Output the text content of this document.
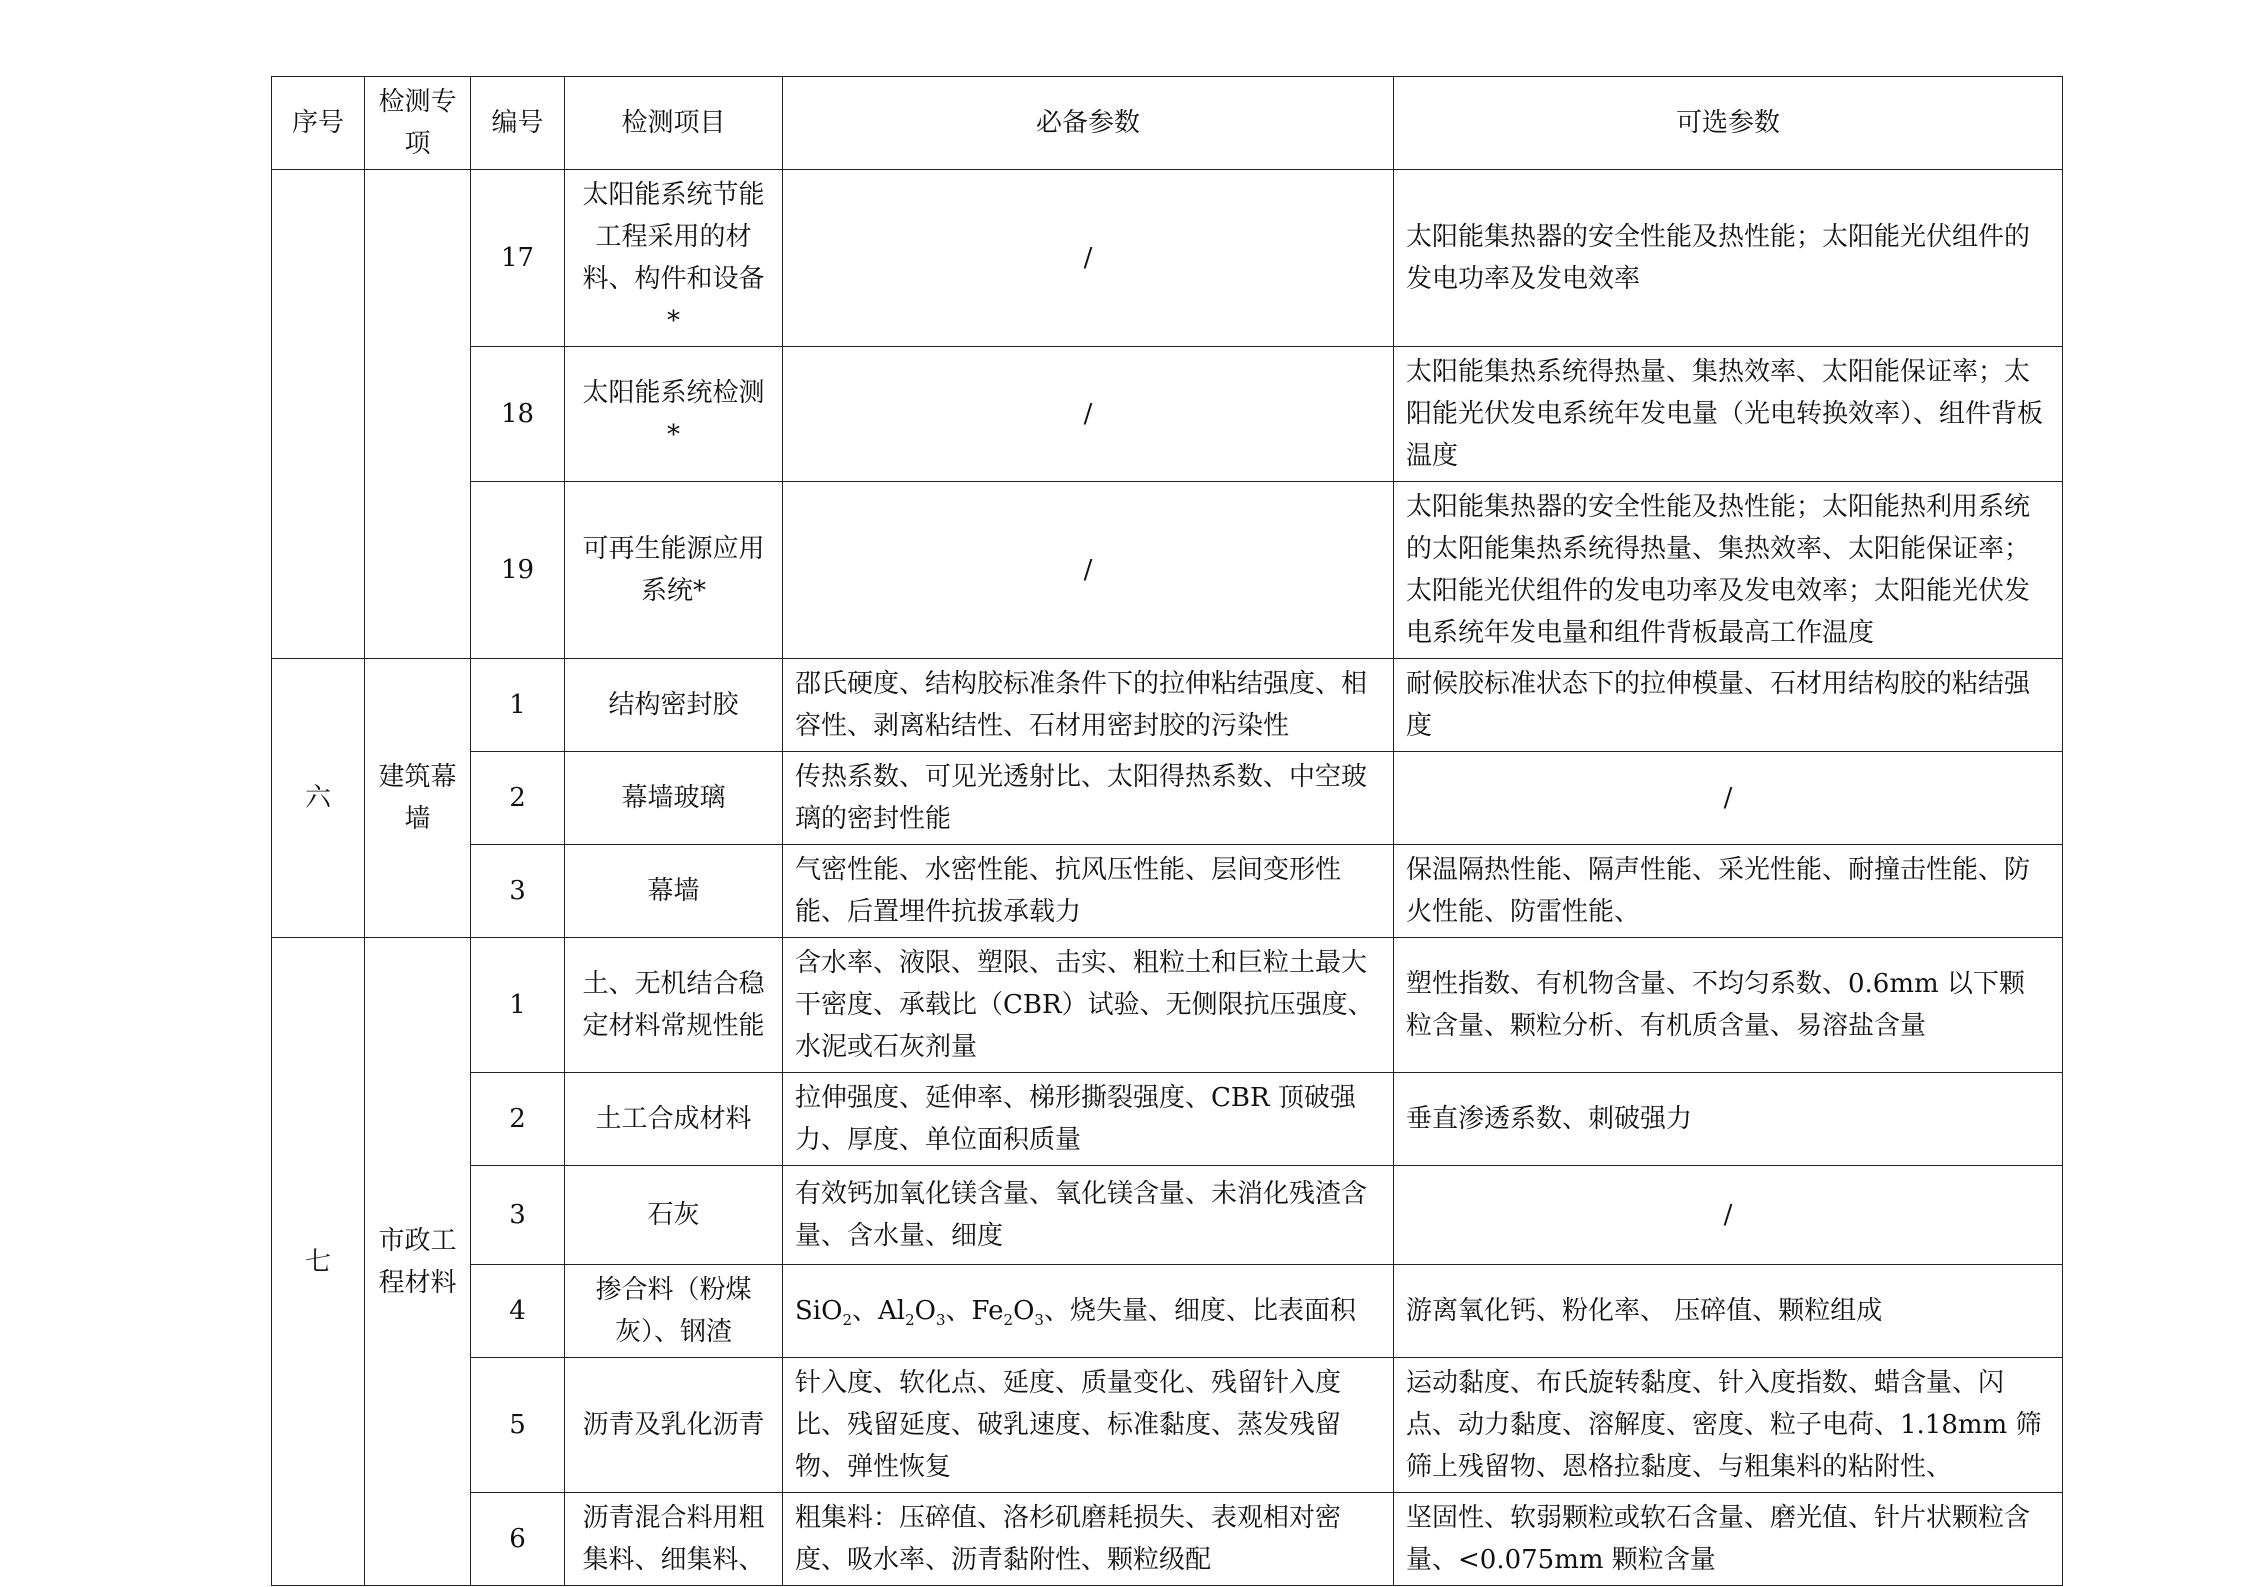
序号	检测专项	编号	检测项目	必备参数	可选参数
		17	太阳能系统节能工程采用的材料、构件和设备*	/	太阳能集热器的安全性能及热性能；太阳能光伏组件的发电功率及发电效率
		18	太阳能系统检测*	/	太阳能集热系统得热量、集热效率、太阳能保证率；太阳能光伏发电系统年发电量（光电转换效率）、组件背板温度
		19	可再生能源应用系统*	/	太阳能集热器的安全性能及热性能；太阳能热利用系统的太阳能集热系统得热量、集热效率、太阳能保证率；太阳能光伏组件的发电功率及发电效率；太阳能光伏发电系统年发电量和组件背板最高工作温度
六	建筑幕墙	1	结构密封胶	邵氏硬度、结构胶标准条件下的拉伸粘结强度、相容性、剥离粘结性、石材用密封胶的污染性	耐候胶标准状态下的拉伸模量、石材用结构胶的粘结强度
		2	幕墙玻璃	传热系数、可见光透射比、太阳得热系数、中空玻璃的密封性能	/
		3	幕墙	气密性能、水密性能、抗风压性能、层间变形性能、后置埋件抗拔承载力	保温隔热性能、隔声性能、采光性能、耐撞击性能、防火性能、防雷性能、
七	市政工程材料	1	土、无机结合稳定材料常规性能	含水率、液限、塑限、击实、粗粒土和巨粒土最大干密度、承载比（CBR）试验、无侧限抗压强度、水泥或石灰剂量	塑性指数、有机物含量、不均匀系数、0.6mm 以下颗粒含量、颗粒分析、有机质含量、易溶盐含量
		2	土工合成材料	拉伸强度、延伸率、梯形撕裂强度、CBR 顶破强力、厚度、单位面积质量	垂直渗透系数、刺破强力
		3	石灰	有效钙加氧化镁含量、氧化镁含量、未消化残渣含量、含水量、细度	/
		4	掺合料（粉煤灰）、钢渣	SiO$_2$、$Al_2O_3$、$Fe_2O_3$、烧失量、细度、比表面积	游离氧化钙、粉化率、 压碎值、颗粒组成
		5	沥青及乳化沥青	针入度、软化点、延度、质量变化、残留针入度比、残留延度、破乳速度、标准黏度、蒸发残留物、弹性恢复	运动黏度、布氏旋转黏度、针入度指数、蜡含量、闪点、动力黏度、溶解度、密度、粒子电荷、1.18mm 筛筛上残留物、恩格拉黏度、与粗集料的粘附性、
		6	沥青混合料用粗集料、细集料、	粗集料：压碎值、洛杉矶磨耗损失、表观相对密度、吸水率、沥青黏附性、颗粒级配	坚固性、软弱颗粒或软石含量、磨光值、针片状颗粒含量、<0.075mm 颗粒含量
